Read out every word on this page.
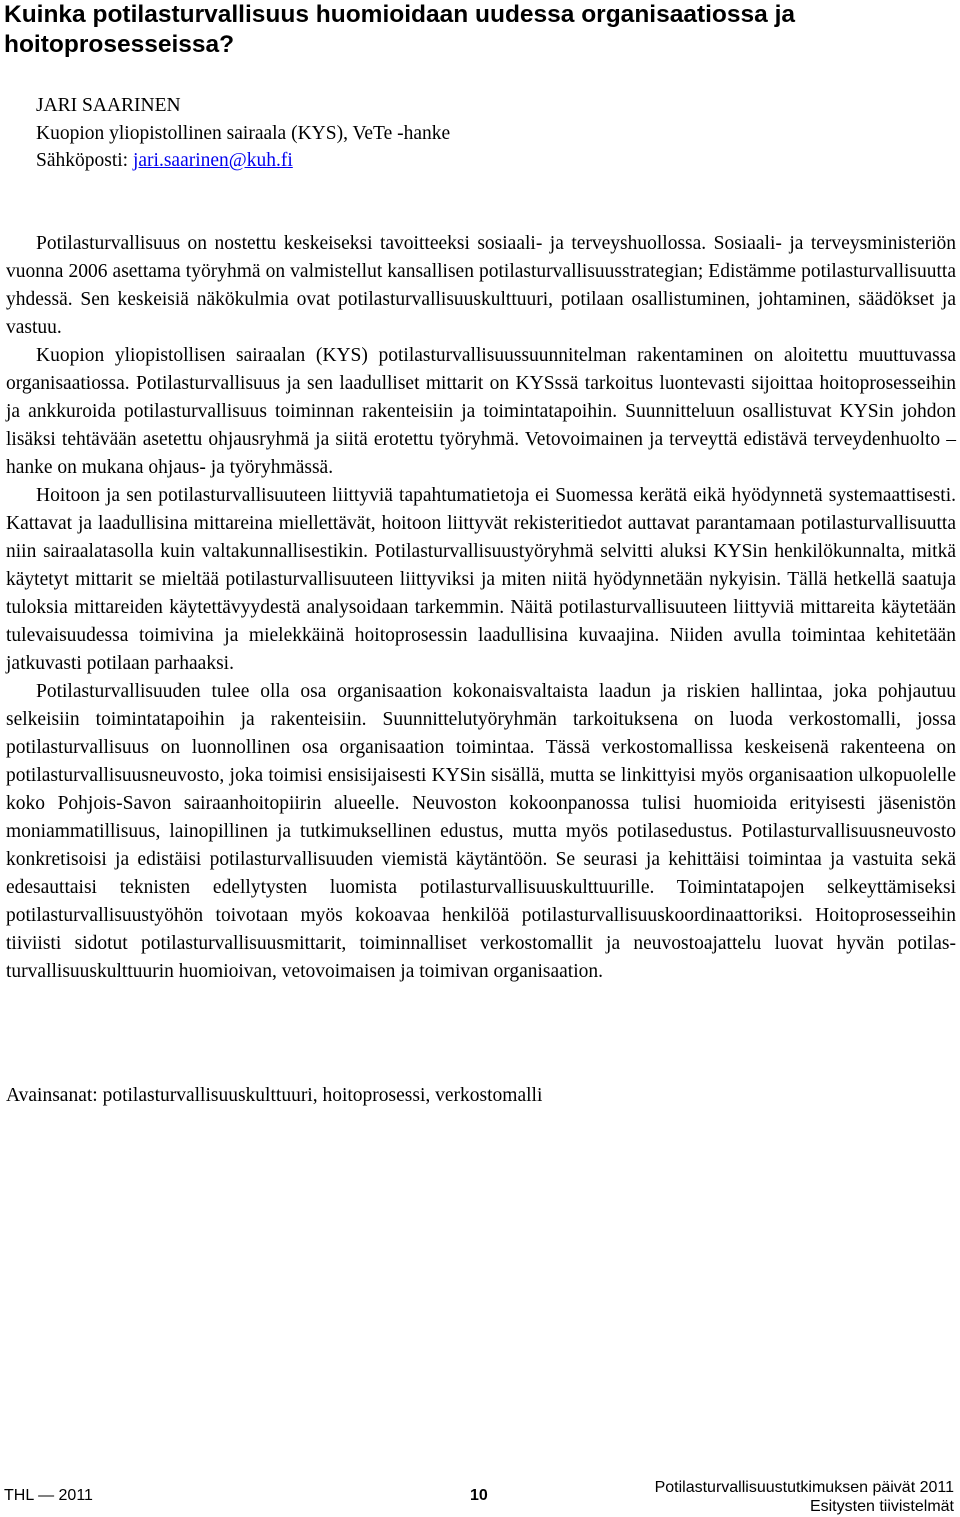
Kuinka potilasturvallisuus huomioidaan uudessa organisaatiossa ja hoitoprosesseissa?
JARI SAARINEN
Kuopion yliopistollinen sairaala (KYS), VeTe -hanke
Sähköposti: jari.saarinen@kuh.fi

Potilasturvallisuus on nostettu keskeiseksi tavoitteeksi sosiaali- ja terveyshuollossa. Sosiaali- ja terveysministeriön vuonna 2006 asettama työryhmä on valmistellut kansallisen potilasturvallisuusstrategian; Edistämme potilasturvallisuutta yhdessä. Sen keskeisiä näkökulmia ovat potilasturvallisuuskulttuuri, potilaan osallistuminen, johtaminen, säädökset ja vastuu.

Kuopion yliopistollisen sairaalan (KYS) potilasturvallisuussuunnitelman rakentaminen on aloitettu muuttuvassa organisaatiossa. Potilasturvallisuus ja sen laadulliset mittarit on KYSssä tarkoitus luontevasti sijoittaa hoitoprosesseihin ja ankkuroida potilasturvallisuus toiminnan rakenteisiin ja toimintatapoihin. Suunnitteluun osallistuvat KYSin johdon lisäksi tehtävään asetettu ohjausryhmä ja siitä erotettu työryhmä. Vetovoimainen ja terveyttä edistävä terveydenhuolto –hanke on mukana ohjaus- ja työryhmässä.

Hoitoon ja sen potilasturvallisuuteen liittyviä tapahtumatietoja ei Suomessa kerätä eikä hyödynnetä systemaattisesti. Kattavat ja laadullisina mittareina miellettävät, hoitoon liittyvät rekisteritiedot auttavat parantamaan potilasturvallisuutta niin sairaalatasolla kuin valtakunnallisestikin. Potilasturvallisuustyöryhmä selvitti aluksi KYSin henkilökunnalta, mitkä käytetyt mittarit se mieltää potilasturvallisuuteen liittyviksi ja miten niitä hyödynnetään nykyisin. Tällä hetkellä saatuja tuloksia mittareiden käytettävyydestä analysoidaan tarkemmin. Näitä potilasturvallisuuteen liittyviä mittareita käytetään tulevaisuudessa toimivina ja mielekkäinä hoitoprosessin laadullisina kuvaajina. Niiden avulla toimintaa kehitetään jatkuvasti potilaan parhaaksi.

Potilasturvallisuuden tulee olla osa organisaation kokonaisvaltaista laadun ja riskien hallintaa, joka pohjautuu selkeisiin toimintatapoihin ja rakenteisiin. Suunnittelutyöryhmän tarkoituksena on luoda verkostomalli, jossa potilasturvallisuus on luonnollinen osa organisaation toimintaa. Tässä verkostomallissa keskeisenä rakenteena on potilasturvallisuusneuvosto, joka toimisi ensisijaisesti KYSin sisällä, mutta se linkittyisi myös organisaation ulkopuolelle koko Pohjois-Savon sairaanhoitopiirin alueelle. Neuvoston kokoonpanossa tulisi huomioida erityisesti jäsenistön moniammatillisuus, lainopillinen ja tutkimuksellinen edustus, mutta myös potilasedustus. Potilasturvallisuusneuvosto konkretisoisi ja edistäisi potilasturvallisuuden viemistä käytäntöön. Se seurasi ja kehittäisi toimintaa ja vastuita sekä edesauttaisi teknisten edellytysten luomista potilasturvallisuuskulttuurille. Toimintatapojen selkeyttämiseksi potilasturvallisuustyöhön toivotaan myös kokoavaa henkilöä potilasturvallisuuskoordinaattoriksi. Hoitoprosesseihin tiiviisti sidotut potilasturvallisuusmittarit, toiminnalliset verkostomallit ja neuvostoajattelu luovat hyvän potilasturvallisuuskulttuurin huomioivan, vetovoimaisen ja toimivan organisaation.

Avainsanat: potilasturvallisuuskulttuuri, hoitoprosessi, verkostomalli
THL — 2011	10	Potilasturvallisuustutkimuksen päivät 2011
Esitysten tiivistelmät
